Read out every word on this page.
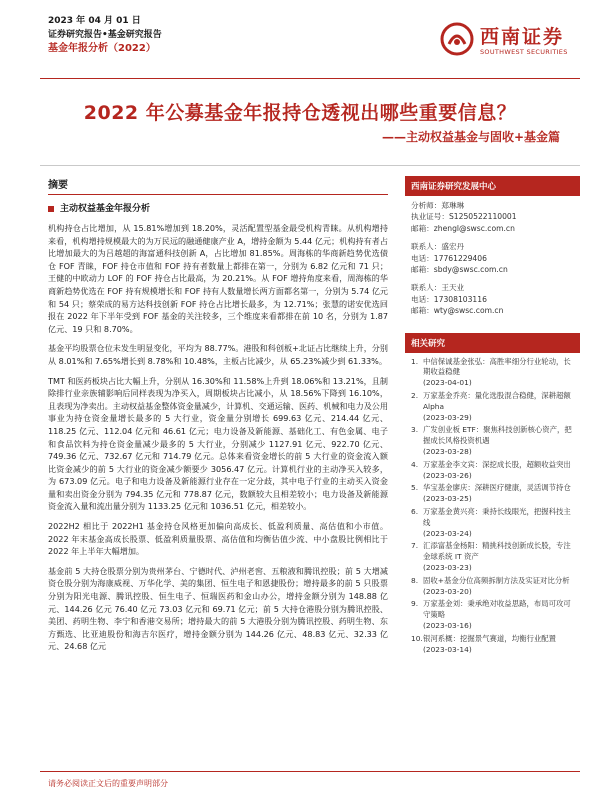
2023 年 04 月 01 日
证券研究报告•基金研究报告
基金年报分析（2022）
西南证券
SOUTHWEST SECURITIES
2022 年公募基金年报持仓透视出哪些重要信息？
——主动权益基金与固收+基金篇
摘要
主动权益基金年报分析

机构持仓占比增加，从 15.81%增加到 18.20%，灵活配置型基金最受机构青睐。从机构增持来看，机构增持规模最大的为万民远的融通健康产业 A，增持金额为 5.44 亿元；机构持有者占比增加最大的为吕越超的海富通科技创新 A，占比增加 81.85%。周海栋的华商新趋势优选债仓 FOF 青睐，FOF 持仓市值和 FOF 持有者数量上都排在第一，分别为 6.82 亿元和 71 只；王健的中欧动力 LOF 的 FOF 持仓占比最高，为 20.21%。从 FOF 增持角度来看，周海栋的华商新趋势优选在 FOF 持有规模增长和 FOF 持有人数量增长两方面都名第一，分别为 5.74 亿元和 54 只；蔡荣成的易方达科技创新 FOF 持仓占比增长最多，为 12.71%；张慧的诺安优选回报在 2022 年下半年受到 FOF 基金的关注较多，三个维度来看都排在前 10 名，分别为 1.87 亿元、19 只和 8.70%。

基金平均股票仓位未发生明显变化，平均为 88.77%。港股和科创板+北证占比继续上升，分别从 8.01%和 7.65%增长到 8.78%和 10.48%，主板占比减少，从 65.23%减少到 61.33%。

TMT 和医药板块占比大幅上升，分别从 16.30%和 11.58%上升到 18.06%和 13.21%，且制除排行业亲族辅影响后同样表现为净买入，周期板块占比减小，从 18.56%下降到 16.10%，且表现为净卖出。主动权益基金整体资金量减少，计算机、交通运输、医药、机械和电力及公用事业为持仓资金量增长最多的 5 大行业，资金量分别增长 699.63 亿元、214.44 亿元、118.25 亿元、112.04 亿元和 46.61 亿元；电力设备及新能源、基础化工、有色金属、电子和食品饮料为持仓资金量减少最多的 5 大行业，分别减少 1127.91 亿元、922.70 亿元、749.36 亿元、732.67 亿元和 714.79 亿元。总体来看资金增长的前 5 大行业的资金流入额比资金减少的前 5 大行业的资金减少额要少 3056.47 亿元。计算机行业的主动净买入较多，为 673.09 亿元。电子和电力设备及新能源行业存在一定分歧，其中电子行业的主动买入资金量和卖出资金分别为 794.35 亿元和 778.87 亿元，数额较大且相差较小；电力设备及新能源资金流入量和流出量分别为 1133.25 亿元和 1036.51 亿元，相差较小。

2022H2 相比于 2022H1 基金持仓风格更加偏向高成长、低盈利质量、高估值和小市值。2022 年末基金高成长股票、低盈利质量股票、高估值和均衡估值少流、中小盘股比例相比于 2022 年上半年大幅增加。

基金前 5 大持仓股票分别为贵州茅台、宁德时代、泸州老窖、五粮液和腾讯控股；前 5 大增减资仓股分别为海康威视、万华化学、美的集团、恒生电子和恩捷股份；增持最多的前 5 只股票分别为阳光电源、腾讯控股、恒生电子、恒瑞医药和金山办公，增持金额分别为 148.88 亿元、144.26 亿元 76.40 亿元 73.03 亿元和 69.71 亿元；前 5 大持仓港股分别为腾讯控股、美团、药明生物、李宁和香港交易所；增持最大的前 5 大港股分别为腾讯控股、药明生物、东方甄选、比亚迪股份和海吉尔医疗，增持金额分别为 144.26 亿元、48.83 亿元、32.33 亿元、24.68 亿元

西南证券研究发展中心
分析师：郑琳琳
执业证号：S1250522110001
邮箱：zhengl@swsc.com.cn
联系人：盛宏丹
电话：17761229406
邮箱：sbdy@swsc.com.cn
联系人：王天业
电话：17308103116
邮箱：wty@swsc.com.cn
相关研究
1. 中信保诚基金张弘：高胜率细分行业轮动，长期收益稳健
(2023-04-01)
2. 万家基金乔亮：量化选股混合稳健，深耕超额 Alpha
(2023-03-29)
3. 广发创业板 ETF：聚焦科技创新核心资产，把握成长风格投资机遇
(2023-03-28)
4. 万家基金李文宾：深挖成长股，超额收益突出
(2023-03-26)
5. 华宝基金廖庆：深耕医疗健康，灵活调节持仓
(2023-03-25)
6. 万家基金黄兴亮：秉持长线眼光，把握科技主线
(2023-03-24)
7. 汇添富基金杨阳：精挑科技创新成长股，专注金球系统 IT 资产
(2023-03-23)
8. 固收+基金分位高频拆制方法及实证对比分析
(2023-03-20)
9. 万家基金刘：秉承绝对收益思路，布局可攻可守策略
(2023-03-16)
10. 银河系概：挖掘景气赛道，均衡行业配置
(2023-03-14)
请务必阅读正文后的重要声明部分
